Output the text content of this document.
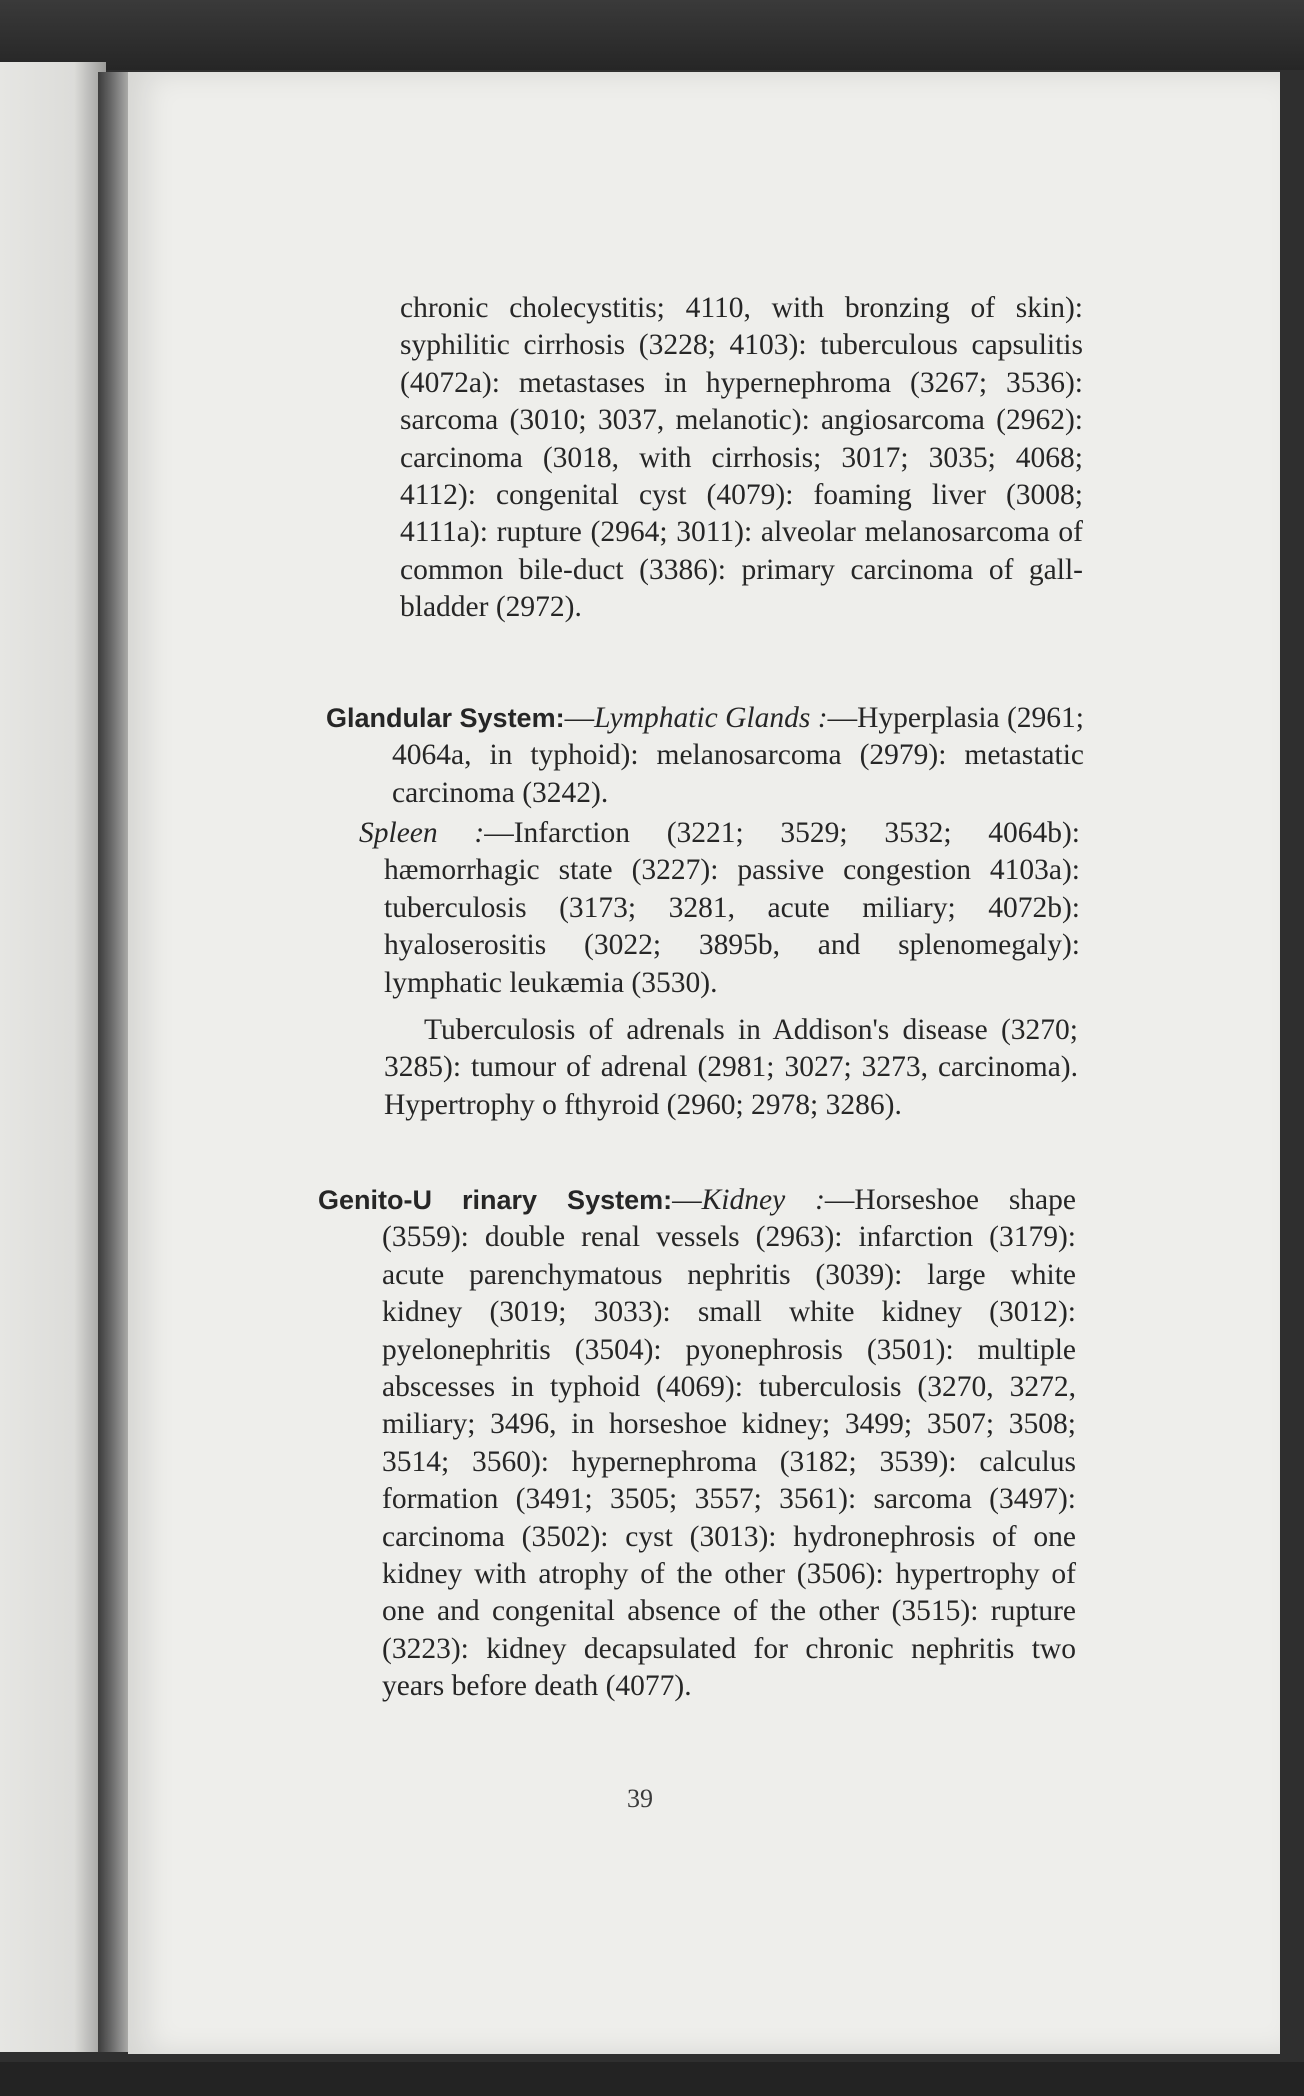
chronic cholecystitis; 4110, with bronzing of skin): syphilitic cirrhosis (3228; 4103): tuberculous capsulitis (4072a): metastases in hypernephroma (3267; 3536): sarcoma (3010; 3037, melanotic): angiosarcoma (2962): carcinoma (3018, with cirrhosis; 3017; 3035; 4068; 4112): congenital cyst (4079): foaming liver (3008; 4111a): rupture (2964; 3011): alveolar melanosarcoma of common bile-duct (3386): primary carcinoma of gall-bladder (2972).

Glandular System:—Lymphatic Glands :—Hyperplasia (2961; 4064a, in typhoid): melanosarcoma (2979): metastatic carcinoma (3242).

Spleen :—Infarction (3221; 3529; 3532; 4064b): hæmorrhagic state (3227): passive congestion 4103a): tuberculosis (3173; 3281, acute miliary; 4072b): hyaloserositis (3022; 3895b, and splenomegaly): lymphatic leukæmia (3530).

Tuberculosis of adrenals in Addison's disease (3270; 3285): tumour of adrenal (2981; 3027; 3273, carcinoma). Hypertrophy o fthyroid (2960; 2978; 3286).

Genito-U rinary System:—Kidney :—Horseshoe shape (3559): double renal vessels (2963): infarction (3179): acute parenchymatous nephritis (3039): large white kidney (3019; 3033): small white kidney (3012): pyelonephritis (3504): pyonephrosis (3501): multiple abscesses in typhoid (4069): tuberculosis (3270, 3272, miliary; 3496, in horseshoe kidney; 3499; 3507; 3508; 3514; 3560): hypernephroma (3182; 3539): calculus formation (3491; 3505; 3557; 3561): sarcoma (3497): carcinoma (3502): cyst (3013): hydronephrosis of one kidney with atrophy of the other (3506): hypertrophy of one and congenital absence of the other (3515): rupture (3223): kidney decapsulated for chronic nephritis two years before death (4077).

39
